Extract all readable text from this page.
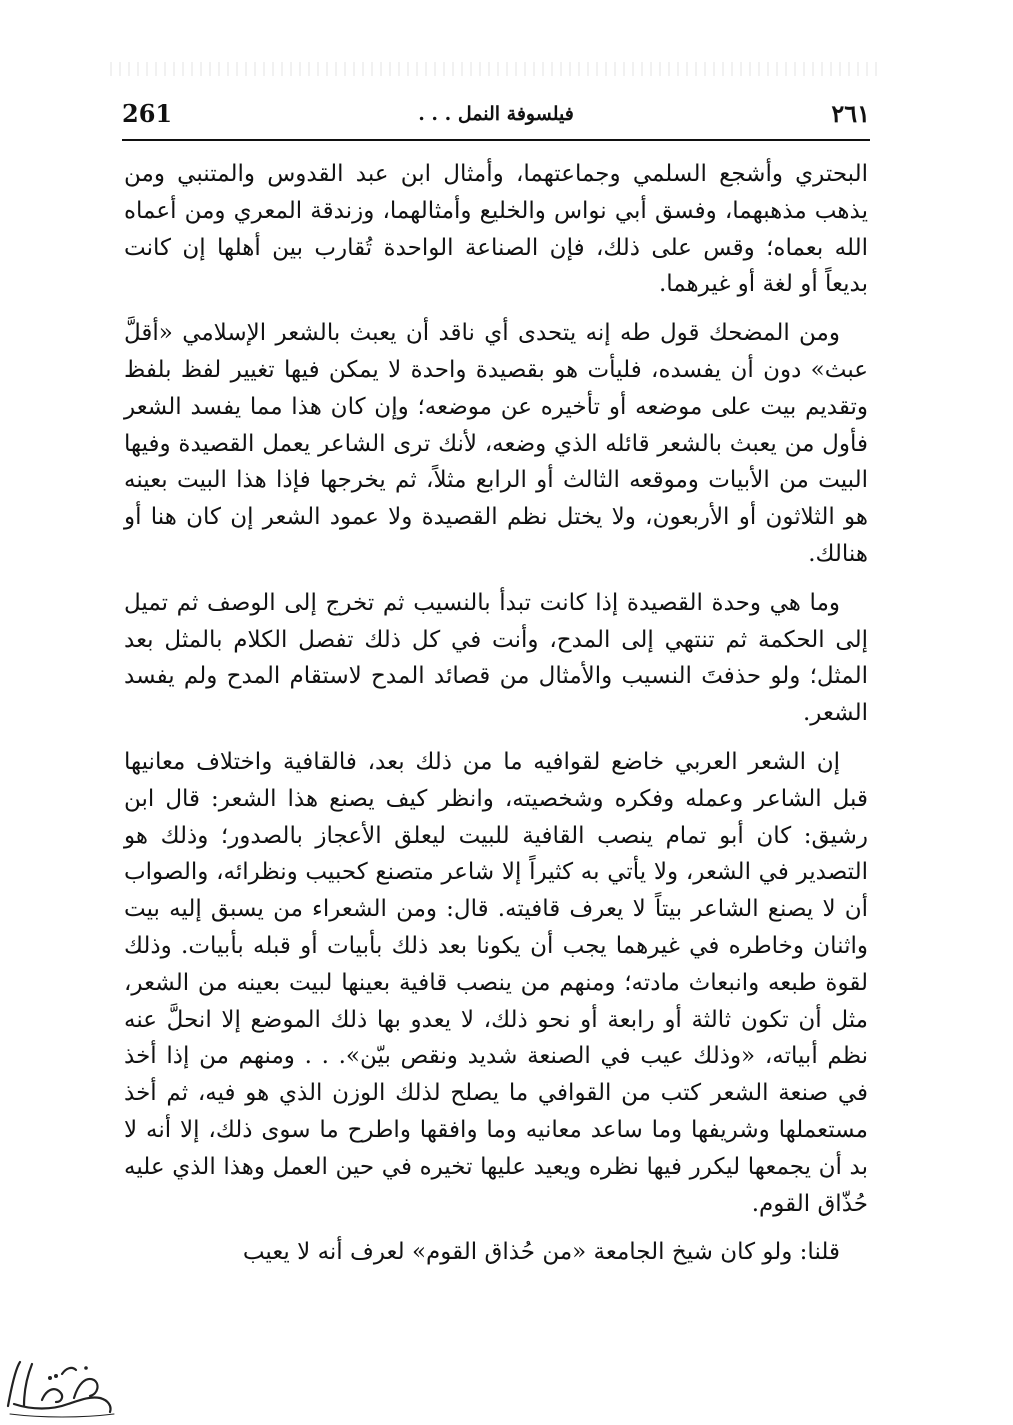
261	فيلسوفة النمل . . .	٢٦١

البحتري وأشجع السلمي وجماعتهما، وأمثال ابن عبد القدوس والمتنبي ومن يذهب مذهبهما، وفسق أبي نواس والخليع وأمثالهما، وزندقة المعري ومن أعماه الله بعماه؛ وقس على ذلك، فإن الصناعة الواحدة تُقارب بين أهلها إن كانت بديعاً أو لغة أو غيرهما.

ومن المضحك قول طه إنه يتحدى أي ناقد أن يعبث بالشعر الإسلامي «أقلَّ عبث» دون أن يفسده، فليأت هو بقصيدة واحدة لا يمكن فيها تغيير لفظ بلفظ وتقديم بيت على موضعه أو تأخيره عن موضعه؛ وإن كان هذا مما يفسد الشعر فأول من يعبث بالشعر قائله الذي وضعه، لأنك ترى الشاعر يعمل القصيدة وفيها البيت من الأبيات وموقعه الثالث أو الرابع مثلاً، ثم يخرجها فإذا هذا البيت بعينه هو الثلاثون أو الأربعون، ولا يختل نظم القصيدة ولا عمود الشعر إن كان هنا أو هنالك.

وما هي وحدة القصيدة إذا كانت تبدأ بالنسيب ثم تخرج إلى الوصف ثم تميل إلى الحكمة ثم تنتهي إلى المدح، وأنت في كل ذلك تفصل الكلام بالمثل بعد المثل؛ ولو حذفتَ النسيب والأمثال من قصائد المدح لاستقام المدح ولم يفسد الشعر.

إن الشعر العربي خاضع لقوافيه ما من ذلك بعد، فالقافية واختلاف معانيها قبل الشاعر وعمله وفكره وشخصيته، وانظر كيف يصنع هذا الشعر: قال ابن رشيق: كان أبو تمام ينصب القافية للبيت ليعلق الأعجاز بالصدور؛ وذلك هو التصدير في الشعر، ولا يأتي به كثيراً إلا شاعر متصنع كحبيب ونظرائه، والصواب أن لا يصنع الشاعر بيتاً لا يعرف قافيته. قال: ومن الشعراء من يسبق إليه بيت واثنان وخاطره في غيرهما يجب أن يكونا بعد ذلك بأبيات أو قبله بأبيات. وذلك لقوة طبعه وانبعاث مادته؛ ومنهم من ينصب قافية بعينها لبيت بعينه من الشعر، مثل أن تكون ثالثة أو رابعة أو نحو ذلك، لا يعدو بها ذلك الموضع إلا انحلَّ عنه نظم أبياته، «وذلك عيب في الصنعة شديد ونقص بيّن». . . ومنهم من إذا أخذ في صنعة الشعر كتب من القوافي ما يصلح لذلك الوزن الذي هو فيه، ثم أخذ مستعملها وشريفها وما ساعد معانيه وما وافقها واطرح ما سوى ذلك، إلا أنه لا بد أن يجمعها ليكرر فيها نظره ويعيد عليها تخيره في حين العمل وهذا الذي عليه حُذّاق القوم.

قلنا: ولو كان شيخ الجامعة «من حُذاق القوم» لعرف أنه لا يعيب
